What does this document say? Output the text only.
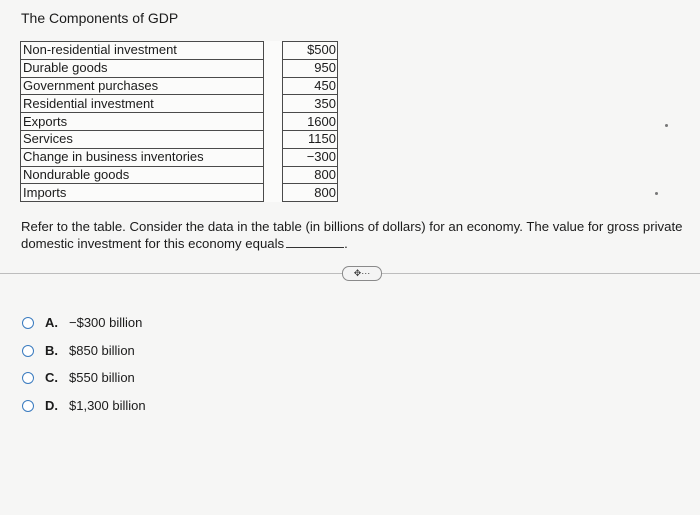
The Components of GDP
Non-residential investment		$500
Durable goods		950
Government purchases		450
Residential investment		350
Exports		1600
Services		1150
Change in business inventories		−300
Nondurable goods		800
Imports		800
Refer to the table. Consider the data in the table (in billions of dollars) for an economy. The value for gross private domestic investment for this economy equals	.
✥⋯
A. −$300 billion
B. $850 billion
C. $550 billion
D. $1,300 billion
